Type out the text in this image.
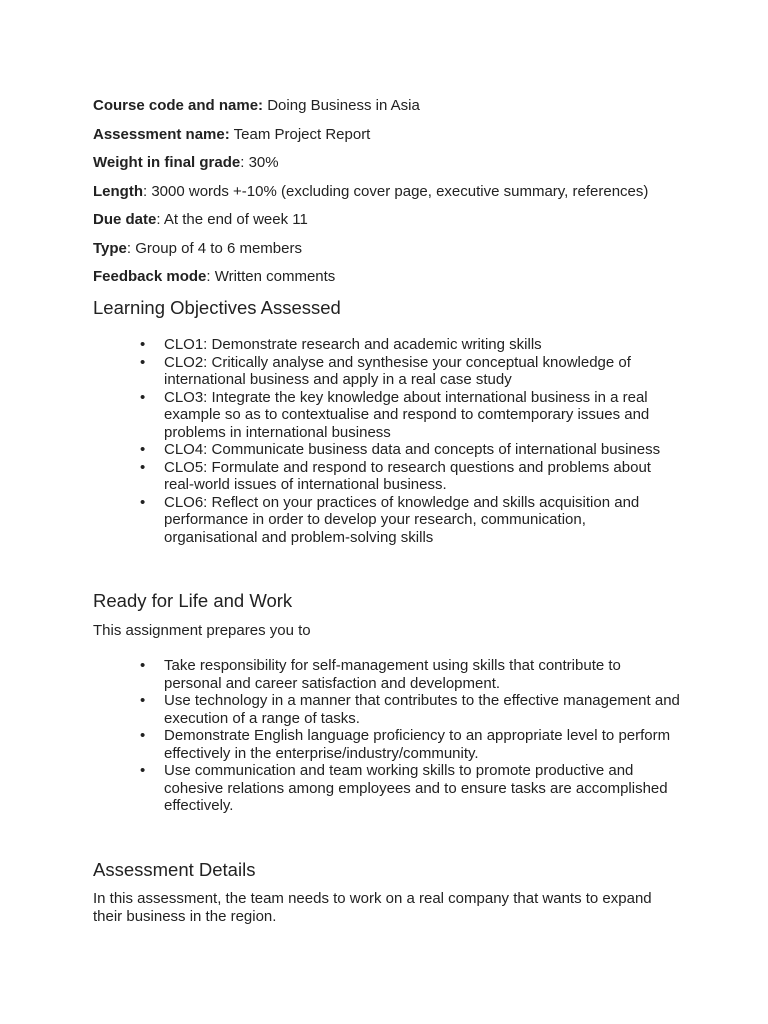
Course code and name: Doing Business in Asia
Assessment name: Team Project Report
Weight in final grade: 30%
Length: 3000 words +-10% (excluding cover page, executive summary, references)
Due date: At the end of week 11
Type: Group of 4 to 6 members
Feedback mode: Written comments
Learning Objectives Assessed
• CLO1: Demonstrate research and academic writing skills
• CLO2: Critically analyse and synthesise your conceptual knowledge of international business and apply in a real case study
• CLO3: Integrate the key knowledge about international business in a real example so as to contextualise and respond to comtemporary issues and problems in international business
• CLO4: Communicate business data and concepts of international business
• CLO5: Formulate and respond to research questions and problems about real-world issues of international business.
• CLO6: Reflect on your practices of knowledge and skills acquisition and performance in order to develop your research, communication, organisational and problem-solving skills
Ready for Life and Work

This assignment prepares you to

• Take responsibility for self-management using skills that contribute to personal and career satisfaction and development.
• Use technology in a manner that contributes to the effective management and execution of a range of tasks.
• Demonstrate English language proficiency to an appropriate level to perform effectively in the enterprise/industry/community.
• Use communication and team working skills to promote productive and cohesive relations among employees and to ensure tasks are accomplished effectively.
Assessment Details

In this assessment, the team needs to work on a real company that wants to expand their business in the region.
